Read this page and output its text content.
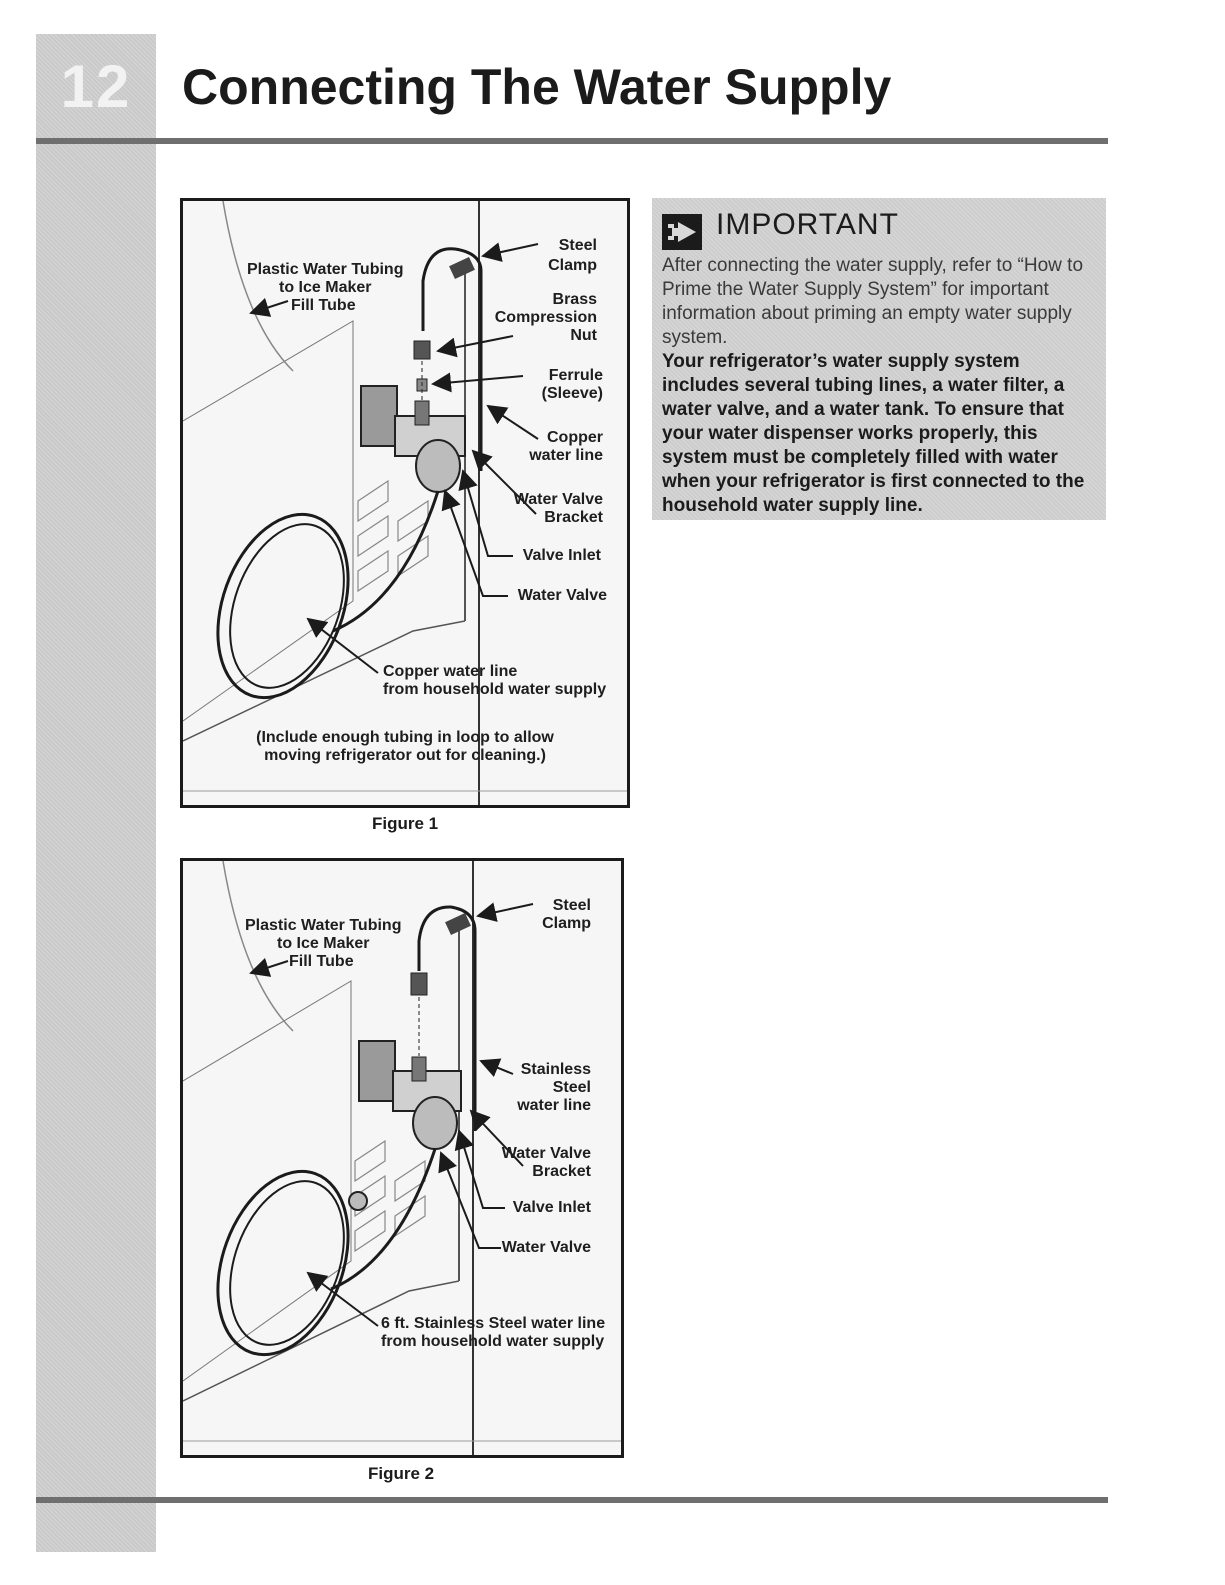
12 Connecting The Water Supply
Plastic Water Tubing
to Ice Maker
Fill Tube
Steel
Clamp
Brass
Compression
Nut
Ferrule
(Sleeve)
Copper
water line
Water Valve
Bracket
Valve Inlet
Water Valve
Copper water line
from household water supply
(Include enough tubing in loop to allow
moving refrigerator out for cleaning.)
Figure 1
Plastic Water Tubing
to Ice Maker
Fill Tube
Steel
Clamp
Stainless
Steel
water line
Water Valve
Bracket
Valve Inlet
Water Valve
6 ft. Stainless Steel water line
from household water supply
Figure 2
IMPORTANT
After connecting the water supply, refer to “How to Prime the Water Supply System” for important information about priming an empty water supply system.
Your refrigerator’s water supply system includes several tubing lines, a water filter, a water valve, and a water tank. To ensure that your water dispenser works properly, this system must be completely filled with water when your refrigerator is first connected to the household water supply line.
